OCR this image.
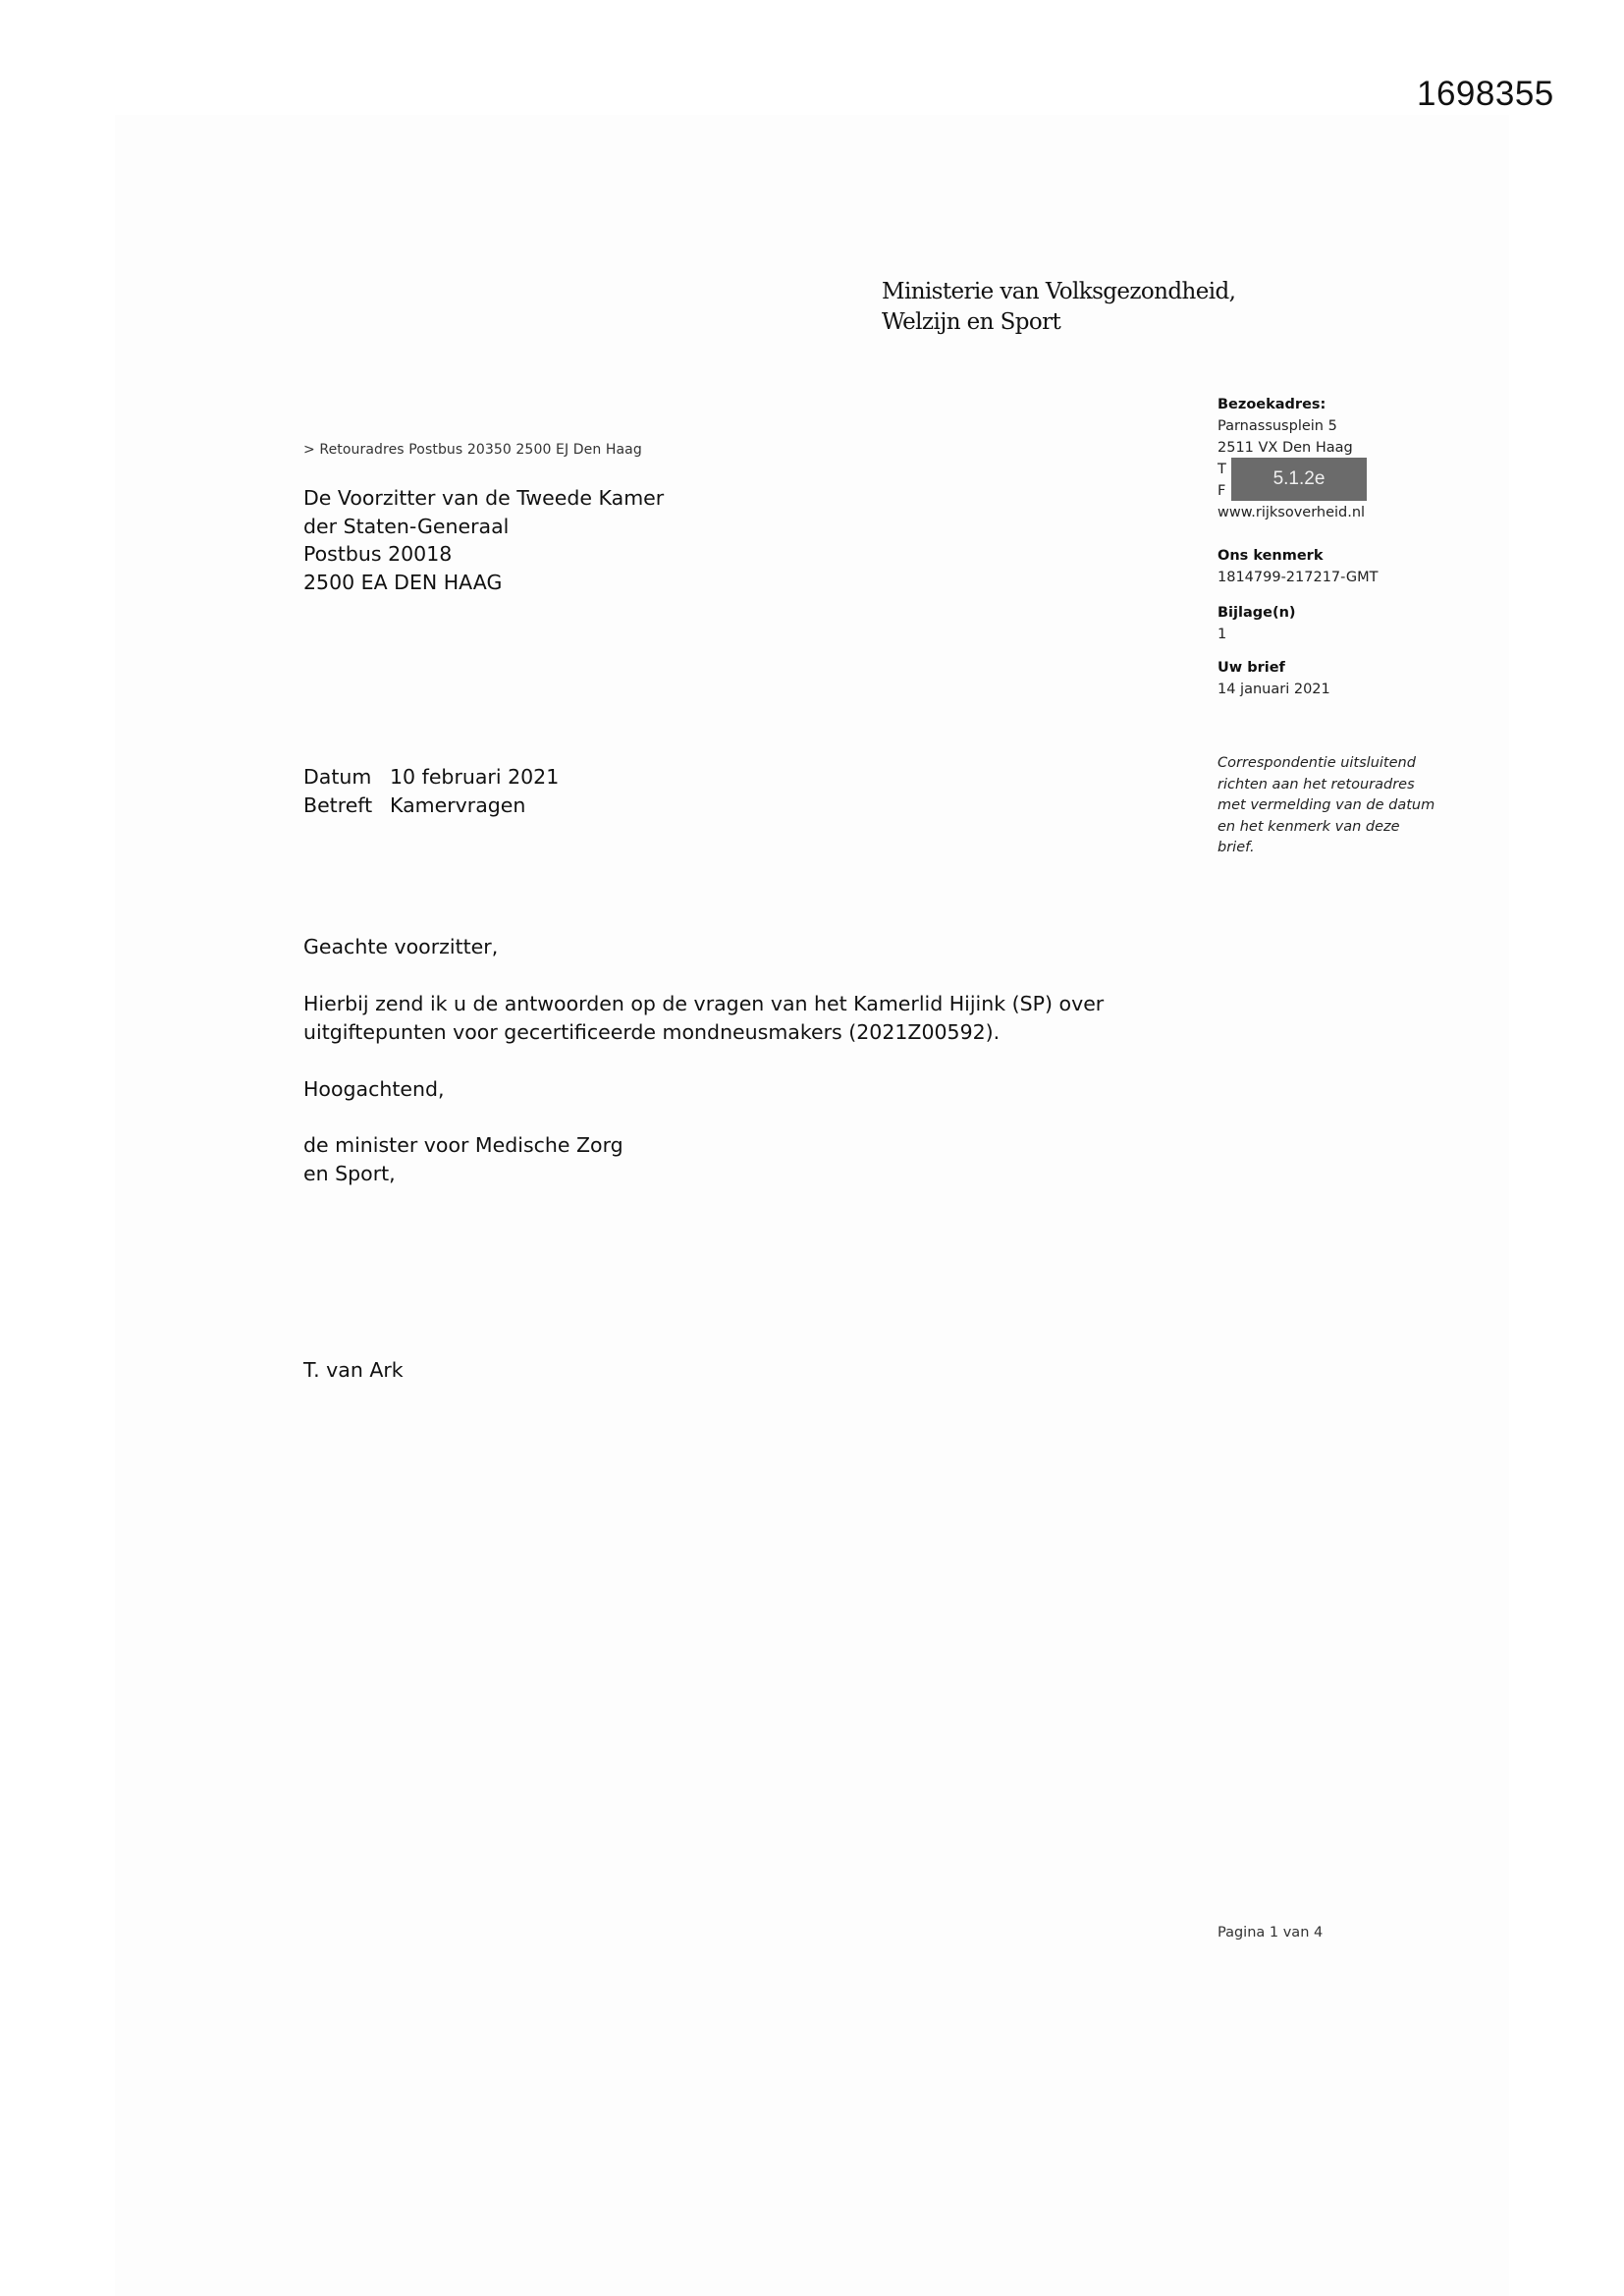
1698355
Ministerie van Volksgezondheid,
Welzijn en Sport
> Retouradres Postbus 20350 2500 EJ Den Haag
De Voorzitter van de Tweede Kamer
der Staten-Generaal
Postbus 20018
2500 EA DEN HAAG
Bezoekadres:
Parnassusplein 5
2511 VX Den Haag
T
F
www.rijksoverheid.nl
Ons kenmerk
1814799-217217-GMT
Bijlage(n)
1
Uw brief
14 januari 2021
5.1.2e
Correspondentie uitsluitend
richten aan het retouradres
met vermelding van de datum
en het kenmerk van deze
brief.
Datum 10 februari 2021
Betreft Kamervragen
Geachte voorzitter,
Hierbij zend ik u de antwoorden op de vragen van het Kamerlid Hijink (SP) over
uitgiftepunten voor gecertificeerde mondneusmakers (2021Z00592).
Hoogachtend,
de minister voor Medische Zorg
en Sport,
T. van Ark
Pagina 1 van 4
